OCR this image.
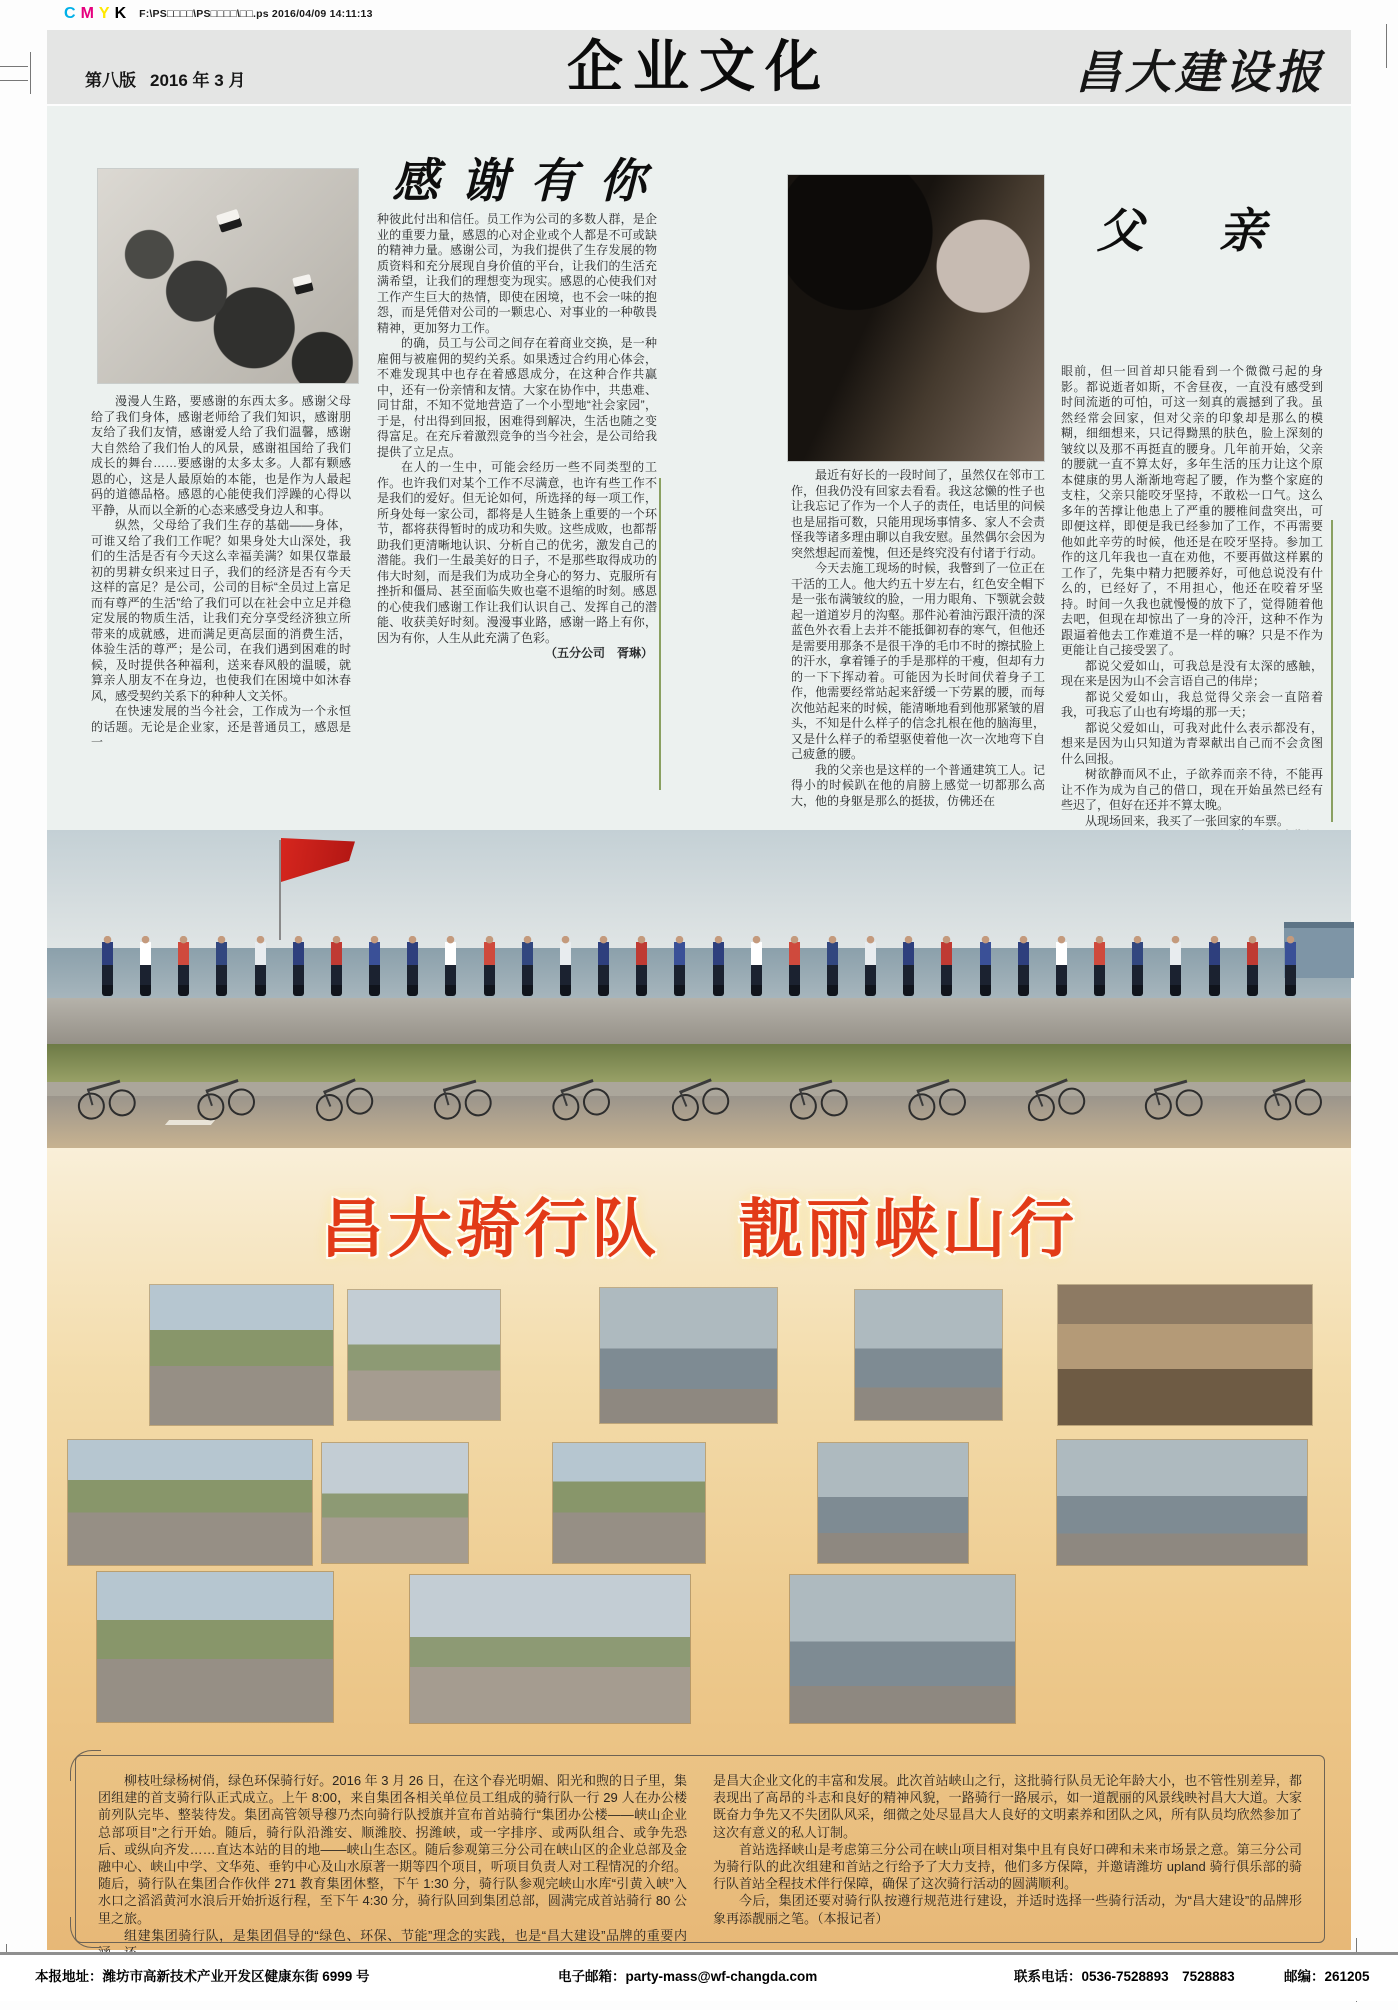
C M Y K	F:\PS□□□□\PS□□□□\□□.ps 2016/04/09 14:11:13
第八版 2016 年 3 月	企业文化	昌大建设报
感谢有你

漫漫人生路，要感谢的东西太多。感谢父母给了我们身体，感谢老师给了我们知识，感谢朋友给了我们友情，感谢爱人给了我们温馨，感谢大自然给了我们怡人的风景，感谢祖国给了我们成长的舞台……要感谢的太多太多。人都有颗感恩的心，这是人最原始的本能，也是作为人最起码的道德品格。感恩的心能使我们浮躁的心得以平静，从而以全新的心态来感受身边人和事。

纵然，父母给了我们生存的基础——身体，可谁又给了我们工作呢？如果身处大山深处，我们的生活是否有今天这么幸福美满？如果仅靠最初的男耕女织来过日子，我们的经济是否有今天这样的富足？是公司，公司的目标“全员过上富足而有尊严的生活”给了我们可以在社会中立足并稳定发展的物质生活，让我们充分享受经济独立所带来的成就感，进而满足更高层面的消费生活，体验生活的尊严；是公司，在我们遇到困难的时候，及时提供各种福利，送来春风般的温暖，就算亲人朋友不在身边，也使我们在困境中如沐春风，感受契约关系下的种种人文关怀。

在快速发展的当今社会，工作成为一个永恒的话题。无论是企业家，还是普通员工，感恩是一

种彼此付出和信任。员工作为公司的多数人群，是企业的重要力量，感恩的心对企业或个人都是不可或缺的精神力量。感谢公司，为我们提供了生存发展的物质资料和充分展现自身价值的平台，让我们的生活充满希望，让我们的理想变为现实。感恩的心使我们对工作产生巨大的热情，即使在困境，也不会一味的抱怨，而是凭借对公司的一颗忠心、对事业的一种敬畏精神，更加努力工作。

的确，员工与公司之间存在着商业交换，是一种雇佣与被雇佣的契约关系。如果透过合约用心体会，不难发现其中也存在着感恩成分，在这种合作共赢中，还有一份亲情和友情。大家在协作中，共患难、同甘甜，不知不觉地营造了一个小型地“社会家园”，于是，付出得到回报，困难得到解决，生活也随之变得富足。在充斥着激烈竞争的当今社会，是公司给我提供了立足点。

在人的一生中，可能会经历一些不同类型的工作。也许我们对某个工作不尽满意，也许有些工作不是我们的爱好。但无论如何，所选择的每一项工作，所身处每一家公司，都将是人生链条上重要的一个环节，都将获得暂时的成功和失败。这些成败，也都帮助我们更清晰地认识、分析自己的优劣，激发自己的潜能。我们一生最美好的日子，不是那些取得成功的伟大时刻，而是我们为成功全身心的努力、克服所有挫折和僵局、甚至面临失败也毫不退缩的时刻。感恩的心使我们感谢工作让我们认识自己、发挥自己的潜能、收获美好时刻。漫漫事业路，感谢一路上有你，因为有你，人生从此充满了色彩。

（五分公司　胥琳）

父　亲

最近有好长的一段时间了，虽然仅在邻市工作，但我仍没有回家去看看。我这忿懒的性子也让我忘记了作为一个人子的责任，电话里的问候也是屈指可数，只能用现场事情多、家人不会责怪我等诸多理由聊以自我安慰。虽然偶尔会因为突然想起而羞愧，但还是终究没有付诸于行动。

今天去施工现场的时候，我瞥到了一位正在干活的工人。他大约五十岁左右，红色安全帽下是一张布满皱纹的脸，一用力眼角、下颚就会鼓起一道道岁月的沟壑。那件沁着油污跟汗渍的深蓝色外衣看上去并不能抵御初春的寒气，但他还是需要用那条不是很干净的毛巾不时的擦拭脸上的汗水，拿着锤子的手是那样的干瘦，但却有力的一下下挥动着。可能因为长时间伏着身子工作，他需要经常站起来舒缓一下劳累的腰，而每次他站起来的时候，能清晰地看到他那紧皱的眉头，不知是什么样子的信念扎根在他的脑海里，又是什么样子的希望驱使着他一次一次地弯下自己疲惫的腰。

我的父亲也是这样的一个普通建筑工人。记得小的时候趴在他的肩膀上感觉一切都那么高大，他的身躯是那么的挺拔，仿佛还在

眼前，但一回首却只能看到一个微微弓起的身影。都说逝者如斯，不舍昼夜，一直没有感受到时间流逝的可怕，可这一刻真的震撼到了我。虽然经常会回家，但对父亲的印象却是那么的模糊，细细想来，只记得黝黑的肤色，脸上深刻的皱纹以及那不再挺直的腰身。几年前开始，父亲的腰就一直不算太好，多年生活的压力让这个原本健康的男人渐渐地弯起了腰，作为整个家庭的支柱，父亲只能咬牙坚持，不敢松一口气。这么多年的苦撑让他患上了严重的腰椎间盘突出，可即便这样，即便是我已经参加了工作，不再需要他如此辛劳的时候，他还是在咬牙坚持。参加工作的这几年我也一直在劝他，不要再做这样累的工作了，先集中精力把腰养好，可他总说没有什么的，已经好了，不用担心，他还在咬着牙坚持。时间一久我也就慢慢的放下了，觉得随着他去吧，但现在却惊出了一身的冷汗，这种不作为跟逼着他去工作难道不是一样的嘛？只是不作为更能让自己接受罢了。

都说父爱如山，可我总是没有太深的感触，现在来是因为山不会言语自己的伟岸；

都说父爱如山，我总觉得父亲会一直陪着我，可我忘了山也有垮塌的那一天；

都说父爱如山，可我对此什么表示都没有，想来是因为山只知道为青翠献出自己而不会贪图什么回报。

树欲静而风不止，子欲养而亲不待，不能再让不作为成为自己的借口，现在开始虽然已经有些迟了，但好在还并不算太晚。

从现场回来，我买了一张回家的车票。

昌大骑行队 靓丽峡山行

柳枝吐绿杨树俏，绿色环保骑行好。2016 年 3 月 26 日，在这个春光明媚、阳光和煦的日子里，集团组建的首支骑行队正式成立。上午 8:00，来自集团各相关单位员工组成的骑行队一行 29 人在办公楼前列队完毕、整装待发。集团高管领导穆乃杰向骑行队授旗并宣布首站骑行“集团办公楼——峡山企业总部项目”之行开始。随后，骑行队沿潍安、顺潍胶、拐潍峡，或一字排序、或两队组合、或争先恐后、或纵向齐发……直达本站的目的地——峡山生态区。随后参观第三分公司在峡山区的企业总部及金融中心、峡山中学、文华苑、垂钓中心及山水原著一期等四个项目，听项目负责人对工程情况的介绍。随后，骑行队在集团合作伙伴 271 教育集团休整，下午 1:30 分，骑行队参观完峡山水库“引黄入峡”入水口之滔滔黄河水浪后开始折返行程，至下午 4:30 分，骑行队回到集团总部，圆满完成首站骑行 80 公里之旅。

组建集团骑行队，是集团倡导的“绿色、环保、节能”理念的实践，也是“昌大建设”品牌的重要内

是昌大企业文化的丰富和发展。此次首站峡山之行，这批骑行队员无论年龄大小，也不管性别差异，都表现出了高昂的斗志和良好的精神风貌，一路骑行一路展示，如一道靓丽的风景线映衬昌大大道。大家既奋力争先又不失团队风采，细微之处尽显昌大人良好的文明素养和团队之风，所有队员均欣然参加了这次有意义的私人订制。

首站选择峡山是考虑第三分公司在峡山项目相对集中且有良好口碑和未来市场景之意。第三分公司为骑行队的此次组建和首站之行给予了大力支持，他们多方保障，并邀请潍坊 upland 骑行俱乐部的骑行队首站全程技术伴行保障，确保了这次骑行活动的圆满顺利。

今后，集团还要对骑行队按遵行规范进行建设，并适时选择一些骑行活动，为“昌大建设”的品牌形象再添靓丽之笔。（本报记者）

本报地址：潍坊市高新技术产业开发区健康东街 6999 号	电子邮箱：party-mass@wf-changda.com	联系电话：0536-7528893　7528883	邮编：261205
